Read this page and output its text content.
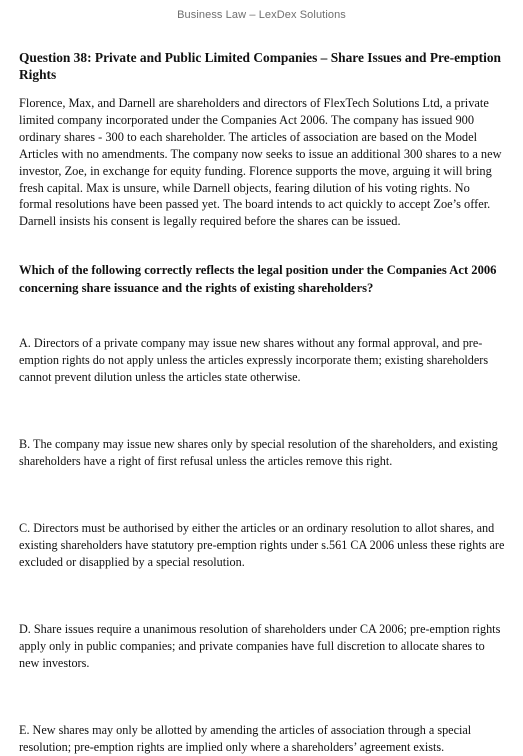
Business Law – LexDex Solutions

Question 38: Private and Public Limited Companies – Share Issues and Pre-emption Rights

Florence, Max, and Darnell are shareholders and directors of FlexTech Solutions Ltd, a private limited company incorporated under the Companies Act 2006. The company has issued 900 ordinary shares - 300 to each shareholder. The articles of association are based on the Model Articles with no amendments. The company now seeks to issue an additional 300 shares to a new investor, Zoe, in exchange for equity funding. Florence supports the move, arguing it will bring fresh capital. Max is unsure, while Darnell objects, fearing dilution of his voting rights. No formal resolutions have been passed yet. The board intends to act quickly to accept Zoe’s offer. Darnell insists his consent is legally required before the shares can be issued.

Which of the following correctly reflects the legal position under the Companies Act 2006 concerning share issuance and the rights of existing shareholders?

A. Directors of a private company may issue new shares without any formal approval, and pre-emption rights do not apply unless the articles expressly incorporate them; existing shareholders cannot prevent dilution unless the articles state otherwise.

B. The company may issue new shares only by special resolution of the shareholders, and existing shareholders have a right of first refusal unless the articles remove this right.

C. Directors must be authorised by either the articles or an ordinary resolution to allot shares, and existing shareholders have statutory pre-emption rights under s.561 CA 2006 unless these rights are excluded or disapplied by a special resolution.

D. Share issues require a unanimous resolution of shareholders under CA 2006; pre-emption rights apply only in public companies; and private companies have full discretion to allocate shares to new investors.

E. New shares may only be allotted by amending the articles of association through a special resolution; pre-emption rights are implied only where a shareholders’ agreement exists.
